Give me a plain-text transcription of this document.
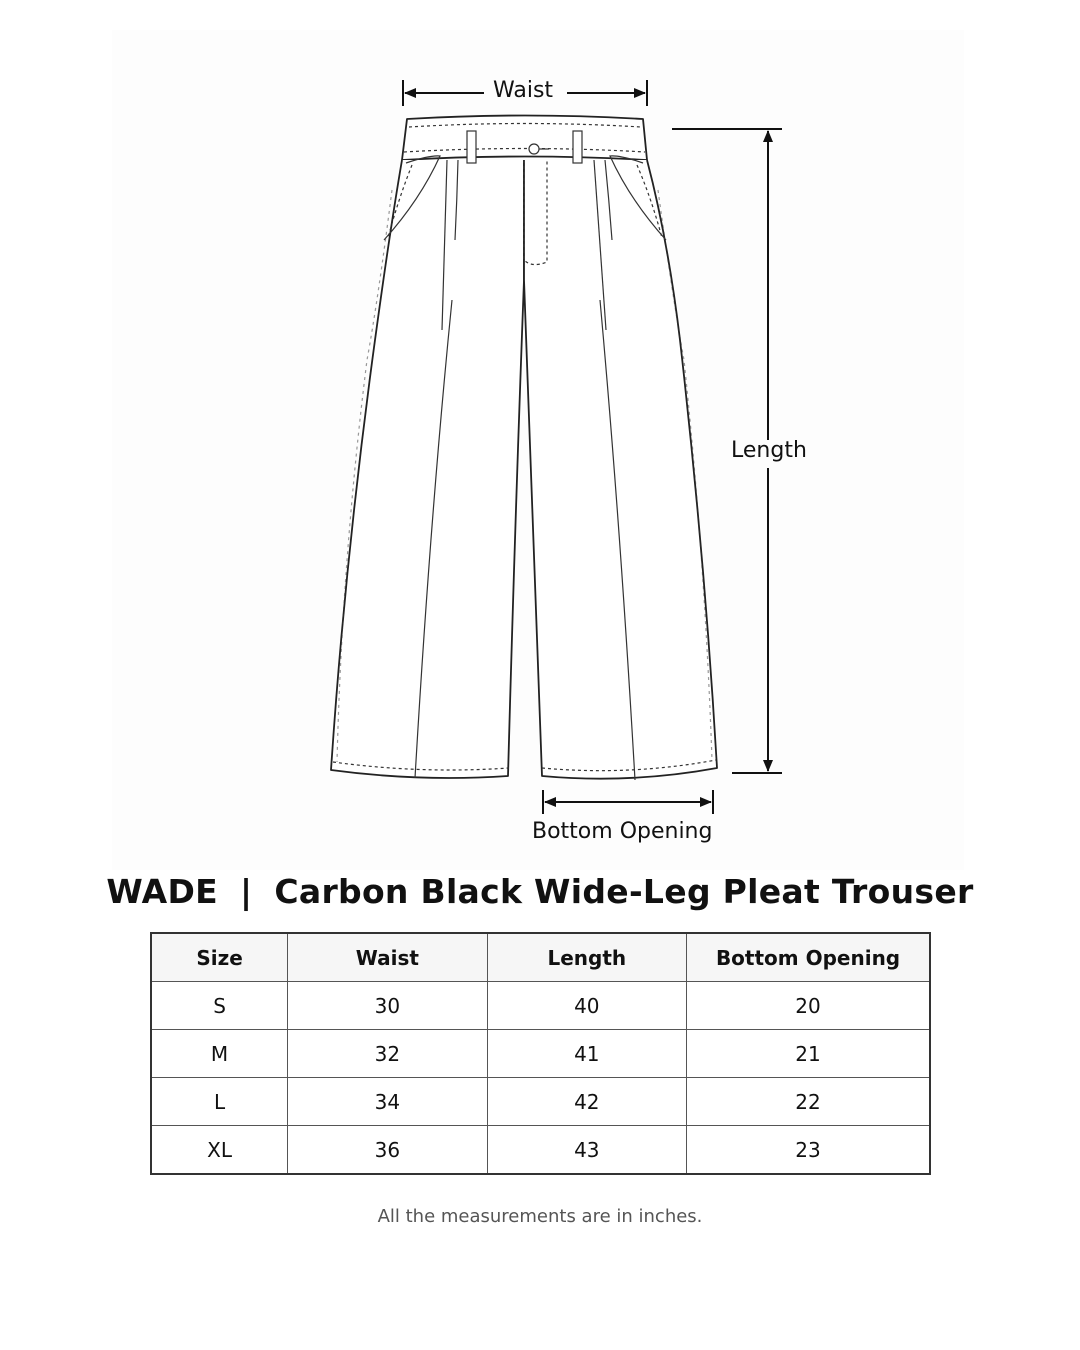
Waist
Length
Bottom Opening
WADE | Carbon Black Wide-Leg Pleat Trouser
Size	Waist	Length	Bottom Opening
S	30	40	20
M	32	41	21
L	34	42	22
XL	36	43	23
All the measurements are in inches.
